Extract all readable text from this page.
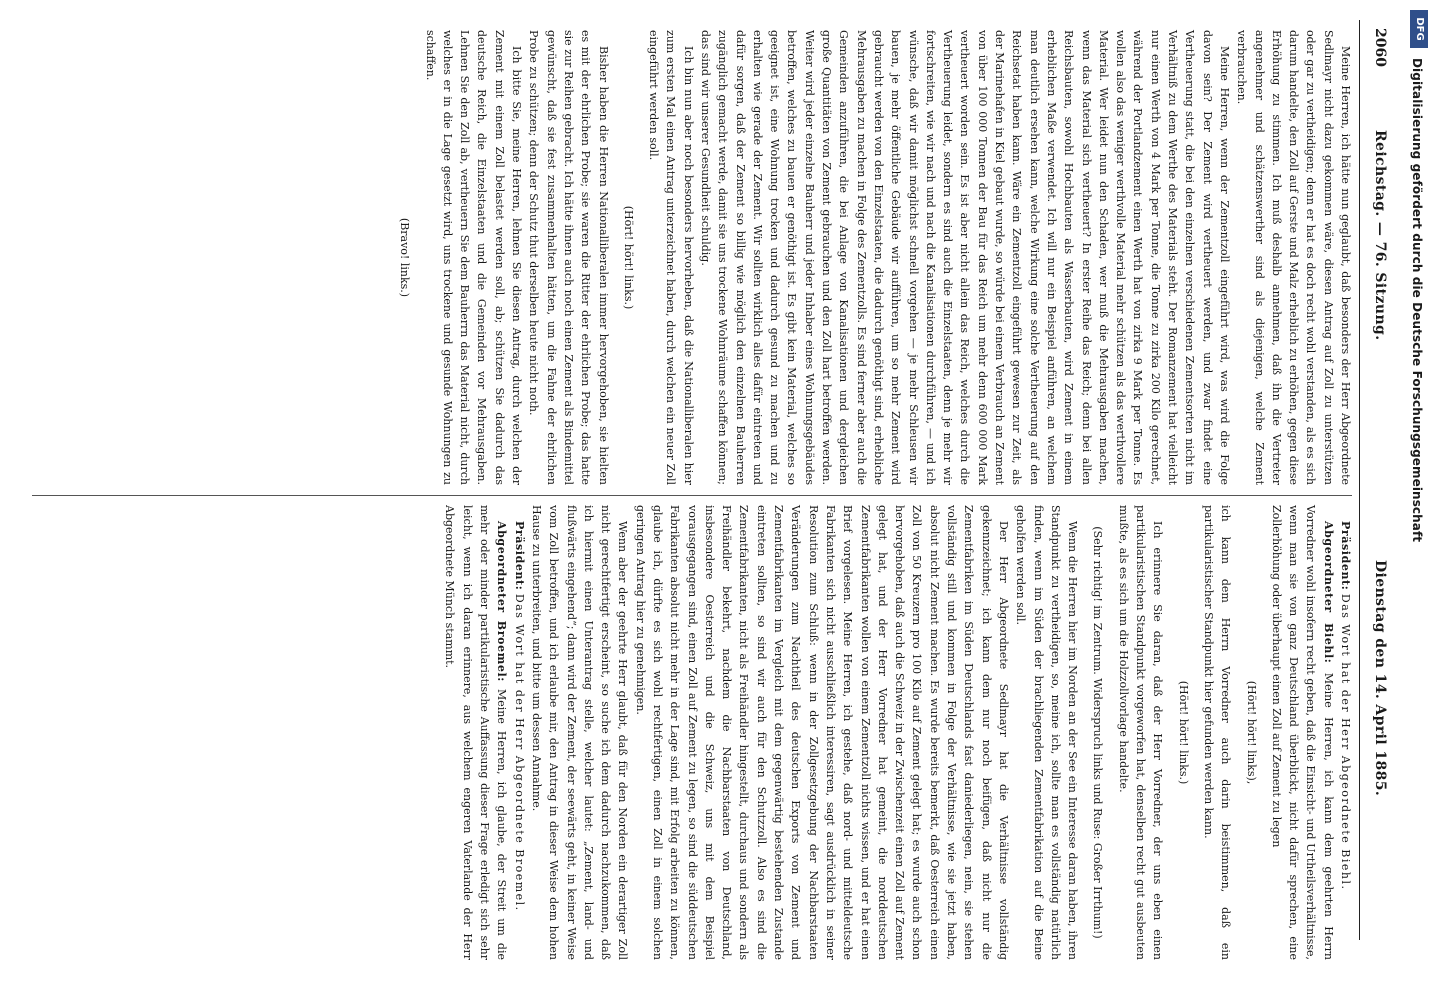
DFG
Digitalisierung gefördert durch die Deutsche Forschungsgemeinschaft
2060
Reichstag. — 76. Sitzung.
Dienstag den 14. April 1885.

Meine Herren, ich hätte nun geglaubt, daß besonders der Herr Abgeordnete Sedlmayr nicht dazu gekommen wäre, diesen Antrag auf Zoll zu unterstützen oder gar zu vertheidigen; denn er hat es doch recht wohl verstanden, als es sich darum handelte, den Zoll auf Gerste und Malz erheblich zu erhöhen, gegen diese Erhöhung zu stimmen. Ich muß deshalb annehmen, daß ihn die Vertreter angenehmer und schätzenswerther sind als diejenigen, welche Zement verbrauchen.

Meine Herren, wenn der Zementzoll eingeführt wird, was wird die Folge davon sein? Der Zement wird vertheuert werden, und zwar findet eine Vertheuerung statt, die bei den einzelnen verschiedenen Zementsorten nicht im Verhältniß zu dem Werthe des Materials steht. Der Romanzement hat vielleicht nur einen Werth von 4 Mark per Tonne, die Tonne zu zirka 200 Kilo gerechnet, während der Portlandzement einen Werth hat von zirka 9 Mark per Tonne. Es wollen also das weniger werthvolle Material mehr schützen als das werthvollere Material. Wer leidet nun den Schaden, wer muß die Mehrausgaben machen, wenn das Material sich vertheuert? In erster Reihe das Reich; denn bei allen Reichsbauten, sowohl Hochbauten als Wasserbauten, wird Zement in einem erheblichen Maße verwendet. Ich will nur ein Beispiel anführen, an welchem man deutlich ersehen kann, welche Wirkung eine solche Vertheuerung auf den Reichsetat haben kann. Wäre ein Zementzoll eingeführt gewesen zur Zeit, als der Marinehafen in Kiel gebaut wurde, so würde bei einem Verbrauch an Zement von über 100 000 Tonnen der Bau für das Reich um mehr denn 600 000 Mark vertheuert worden sein. Es ist aber nicht allein das Reich, welches durch die Vertheuerung leidet, sondern es sind auch die Einzelstaaten, denn je mehr wir fortschreiten, wie wir nach und nach die Kanalisationen durchführen, — und ich wünsche, daß wir damit möglichst schnell vorgehen — je mehr Schleusen wir bauen, je mehr öffentliche Gebäude wir aufführen, um so mehr Zement wird gebraucht werden von den Einzelstaaten, die dadurch genöthigt sind, erhebliche Mehrausgaben zu machen in Folge des Zementzolls. Es sind ferner aber auch die Gemeinden anzuführen, die bei Anlage von Kanalisationen und dergleichen große Quantitäten von Zement gebrauchen und den Zoll hart betroffen werden. Weiter wird jeder einzelne Bauherr und jeder Inhaber eines Wohnungsgebäudes betroffen, welches zu bauen er genöthigt ist. Es gibt kein Material, welches so geeignet ist, eine Wohnung trocken und dadurch gesund zu machen und zu erhalten wie gerade der Zement. Wir sollten wirklich alles dafür eintreten und dafür sorgen, daß der Zement so billig wie möglich den einzelnen Bauherren zugänglich gemacht werde, damit sie uns trockene Wohnräume schaffen können; das sind wir unserer Gesundheit schuldig.

Ich bin nun aber noch besonders hervorheben, daß die Nationalliberalen hier zum ersten Mal einen Antrag unterzeichnet haben, durch welchen ein neuer Zoll eingeführt werden soll.

(Hört! hört! links.)

Bisher haben die Herren Nationalliberalen immer hervorgehoben, sie hielten es mit der ehrlichen Probe; sie waren die Ritter der ehrlichen Probe; das hatte sie zur Reihen gebracht. Ich hätte ihnen auch noch einen Zement als Bindemittel gewünscht, daß sie fest zusammenhalten hätten, um die Fahne der ehrlichen Probe zu schützen; denn der Schutz thut derselben heute nicht noth.

Ich bitte Sie, meine Herren, lehnen Sie diesen Antrag, durch welchen der Zement mit einem Zoll belastet werden soll, ab; schützen Sie dadurch das deutsche Reich, die Einzelstaaten und die Gemeinden vor Mehrausgaben. Lehnen Sie den Zoll ab, vertheuern Sie dem Bauherrn das Material nicht, durch welches er in die Lage gesetzt wird, uns trockene und gesunde Wohnungen zu schaffen.

(Bravo! links.)

Präsident: Das Wort hat der Herr Abgeordnete Biehl.

Abgeordneter Biehl: Meine Herren, ich kann dem geehrten Herrn Vorredner wohl insofern recht geben, daß die Einsicht- und Urtheilsverhältnisse, wenn man sie von ganz Deutschland überblickt, nicht dafür sprechen, eine Zollerhöhung oder überhaupt einen Zoll auf Zement zu legen

(Hört! hört! links),

ich kann dem Herrn Vorredner auch darin beistimmen, daß ein partikularistischer Standpunkt hier gefunden werden kann.

(Hört! hört! links.)

Ich erinnere Sie daran, daß der Herr Vorredner, der uns eben einen partikularistischen Standpunkt vorgeworfen hat, denselben recht gut ausbeuten mußte, als es sich um die Holzzollvorlage handelte.

(Sehr richtig! im Zentrum. Widerspruch links und Ruse: Großer Irrthum!)

Wenn die Herren hier im Norden an der See ein Interesse daran haben, ihren Standpunkt zu vertheidigen, so, meine ich, sollte man es vollständig natürlich finden, wenn im Süden der brachliegenden Zementfabrikation auf die Beine geholfen werden soll.

Der Herr Abgeordnete Sedlmayr hat die Verhältnisse vollständig gekennzeichnet; ich kann dem nur noch beifügen, daß nicht nur die Zementfabriken im Süden Deutschlands fast daniederliegen, nein, sie stehen vollständig still und kommen in Folge der Verhältnisse, wie sie jetzt haben, absolut nicht Zement machen. Es wurde bereits bemerkt, daß Oesterreich einen Zoll von 50 Kreuzern pro 100 Kilo auf Zement gelegt hat; es wurde auch schon hervorgehoben, daß auch die Schweiz in der Zwischenzeit einen Zoll auf Zement gelegt hat, und der Herr Vorredner hat gemeint, die norddeutschen Zementfabrikanten wollen von einem Zementzoll nichts wissen, und er hat einen Brief vorgelesen. Meine Herren, ich gestehe, daß nord- und mitteldeutsche Fabrikanten sich nicht ausschließlich interessiren, sagt ausdrücklich in seiner Resolution zum Schluß: wenn in der Zollgesetzgebung der Nachbarstaaten Veränderungen zum Nachtheil des deutschen Exports von Zement und Zementfabrikanten im Vergleich mit dem gegenwärtig bestehenden Zustande eintreten sollten, so sind wir auch für den Schutzzoll. Also es sind die Zementfabrikanten, nicht als Freihändler hingestellt, durchaus und sondern als Freihändler bekehrt, nachdem die Nachbarstaaten von Deutschland, insbesondere Oesterreich und die Schweiz, uns mit dem Beispiel vorausgegangen sind, einen Zoll auf Zement zu legen, so sind die süddeutschen Fabrikanten absolut nicht mehr in der Lage sind, mit Erfolg arbeiten zu können, glaube ich, dürfte es sich wohl rechtfertigen, einen Zoll in einem solchen geringen Antrag hier zu genehmigen.

Wenn aber der geehrte Herr glaubt, daß für den Norden ein derartiger Zoll nicht gerechtfertigt erscheint, so suche ich dem dadurch nachzukommen, daß ich hiermit einen Unterantrag stelle, welcher lautet: „Zement, land- und flußwärts eingehend“; dann wird der Zement, der seewärts geht, in keiner Weise vom Zoll betroffen, und ich erlaube mir, den Antrag in dieser Weise dem hohen Hause zu unterbreiten, und bitte um dessen Annahme.

Präsident: Das Wort hat der Herr Abgeordnete Broemel.

Abgeordneter Broemel: Meine Herren, ich glaube, der Streit um die mehr oder minder partikularistische Auffassung dieser Frage erledigt sich sehr leicht, wenn ich daran erinnere, aus welchem engeren Vaterlande der Herr Abgeordnete Münch stammt.
